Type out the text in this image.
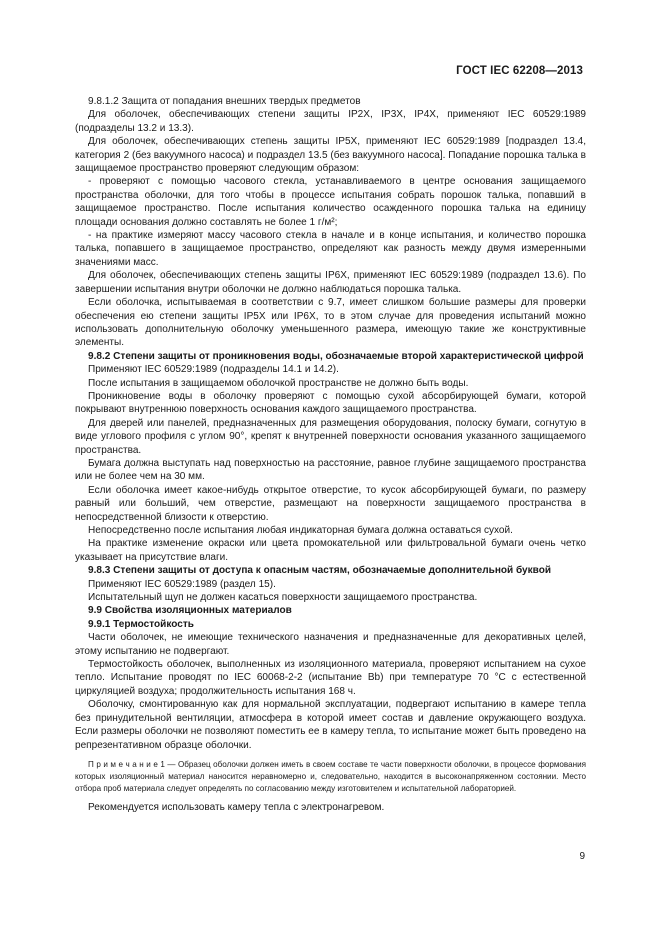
ГОСТ IEC 62208—2013

9.8.1.2 Защита от попадания внешних твердых предметов

Для оболочек, обеспечивающих степени защиты IP2X, IP3X, IP4X, применяют IEC 60529:1989 (подразделы 13.2 и 13.3).

Для оболочек, обеспечивающих степень защиты IP5X, применяют IEC 60529:1989 [подраздел 13.4, категория 2 (без вакуумного насоса) и подраздел 13.5 (без вакуумного насоса]. Попадание порошка талька в защищаемое пространство проверяют следующим образом:

- проверяют с помощью часового стекла, устанавливаемого в центре основания защищаемого пространства оболочки, для того чтобы в процессе испытания собрать порошок талька, попавший в защищаемое пространство. После испытания количество осажденного порошка талька на единицу площади основания должно составлять не более 1 г/м²;

- на практике измеряют массу часового стекла в начале и в конце испытания, и количество порошка талька, попавшего в защищаемое пространство, определяют как разность между двумя измеренными значениями масс.

Для оболочек, обеспечивающих степень защиты IP6X, применяют IEC 60529:1989 (подраздел 13.6). По завершении испытания внутри оболочки не должно наблюдаться порошка талька.

Если оболочка, испытываемая в соответствии с 9.7, имеет слишком большие размеры для проверки обеспечения ею степени защиты IP5X или IP6X, то в этом случае для проведения испытаний можно использовать дополнительную оболочку уменьшенного размера, имеющую такие же конструктивные элементы.

9.8.2 Степени защиты от проникновения воды, обозначаемые второй характеристической цифрой

Применяют IEC 60529:1989 (подразделы 14.1 и 14.2).

После испытания в защищаемом оболочкой пространстве не должно быть воды.

Проникновение воды в оболочку проверяют с помощью сухой абсорбирующей бумаги, которой покрывают внутреннюю поверхность основания каждого защищаемого пространства.

Для дверей или панелей, предназначенных для размещения оборудования, полоску бумаги, согнутую в виде углового профиля с углом 90°, крепят к внутренней поверхности основания указанного защищаемого пространства.

Бумага должна выступать над поверхностью на расстояние, равное глубине защищаемого пространства или не более чем на 30 мм.

Если оболочка имеет какое-нибудь открытое отверстие, то кусок абсорбирующей бумаги, по размеру равный или больший, чем отверстие, размещают на поверхности защищаемого пространства в непосредственной близости к отверстию.

Непосредственно после испытания любая индикаторная бумага должна оставаться сухой.

На практике изменение окраски или цвета промокательной или фильтровальной бумаги очень четко указывает на присутствие влаги.

9.8.3 Степени защиты от доступа к опасным частям, обозначаемые дополнительной буквой

Применяют IEC 60529:1989 (раздел 15).

Испытательный щуп не должен касаться поверхности защищаемого пространства.

9.9 Свойства изоляционных материалов

9.9.1 Термостойкость

Части оболочек, не имеющие технического назначения и предназначенные для декоративных целей, этому испытанию не подвергают.

Термостойкость оболочек, выполненных из изоляционного материала, проверяют испытанием на сухое тепло. Испытание проводят по IEC 60068-2-2 (испытание Bb) при температуре 70 °С с естественной циркуляцией воздуха; продолжительность испытания 168 ч.

Оболочку, смонтированную как для нормальной эксплуатации, подвергают испытанию в камере тепла без принудительной вентиляции, атмосфера в которой имеет состав и давление окружающего воздуха. Если размеры оболочки не позволяют поместить ее в камеру тепла, то испытание может быть проведено на репрезентативном образце оболочки.

П р и м е ч а н и е 1 — Образец оболочки должен иметь в своем составе те части поверхности оболочки, в процессе формования которых изоляционный материал наносится неравномерно и, следовательно, находится в высоконапряженном состоянии. Место отбора проб материала следует определять по согласованию между изготовителем и испытательной лабораторией.

Рекомендуется использовать камеру тепла с электронагревом.

9
